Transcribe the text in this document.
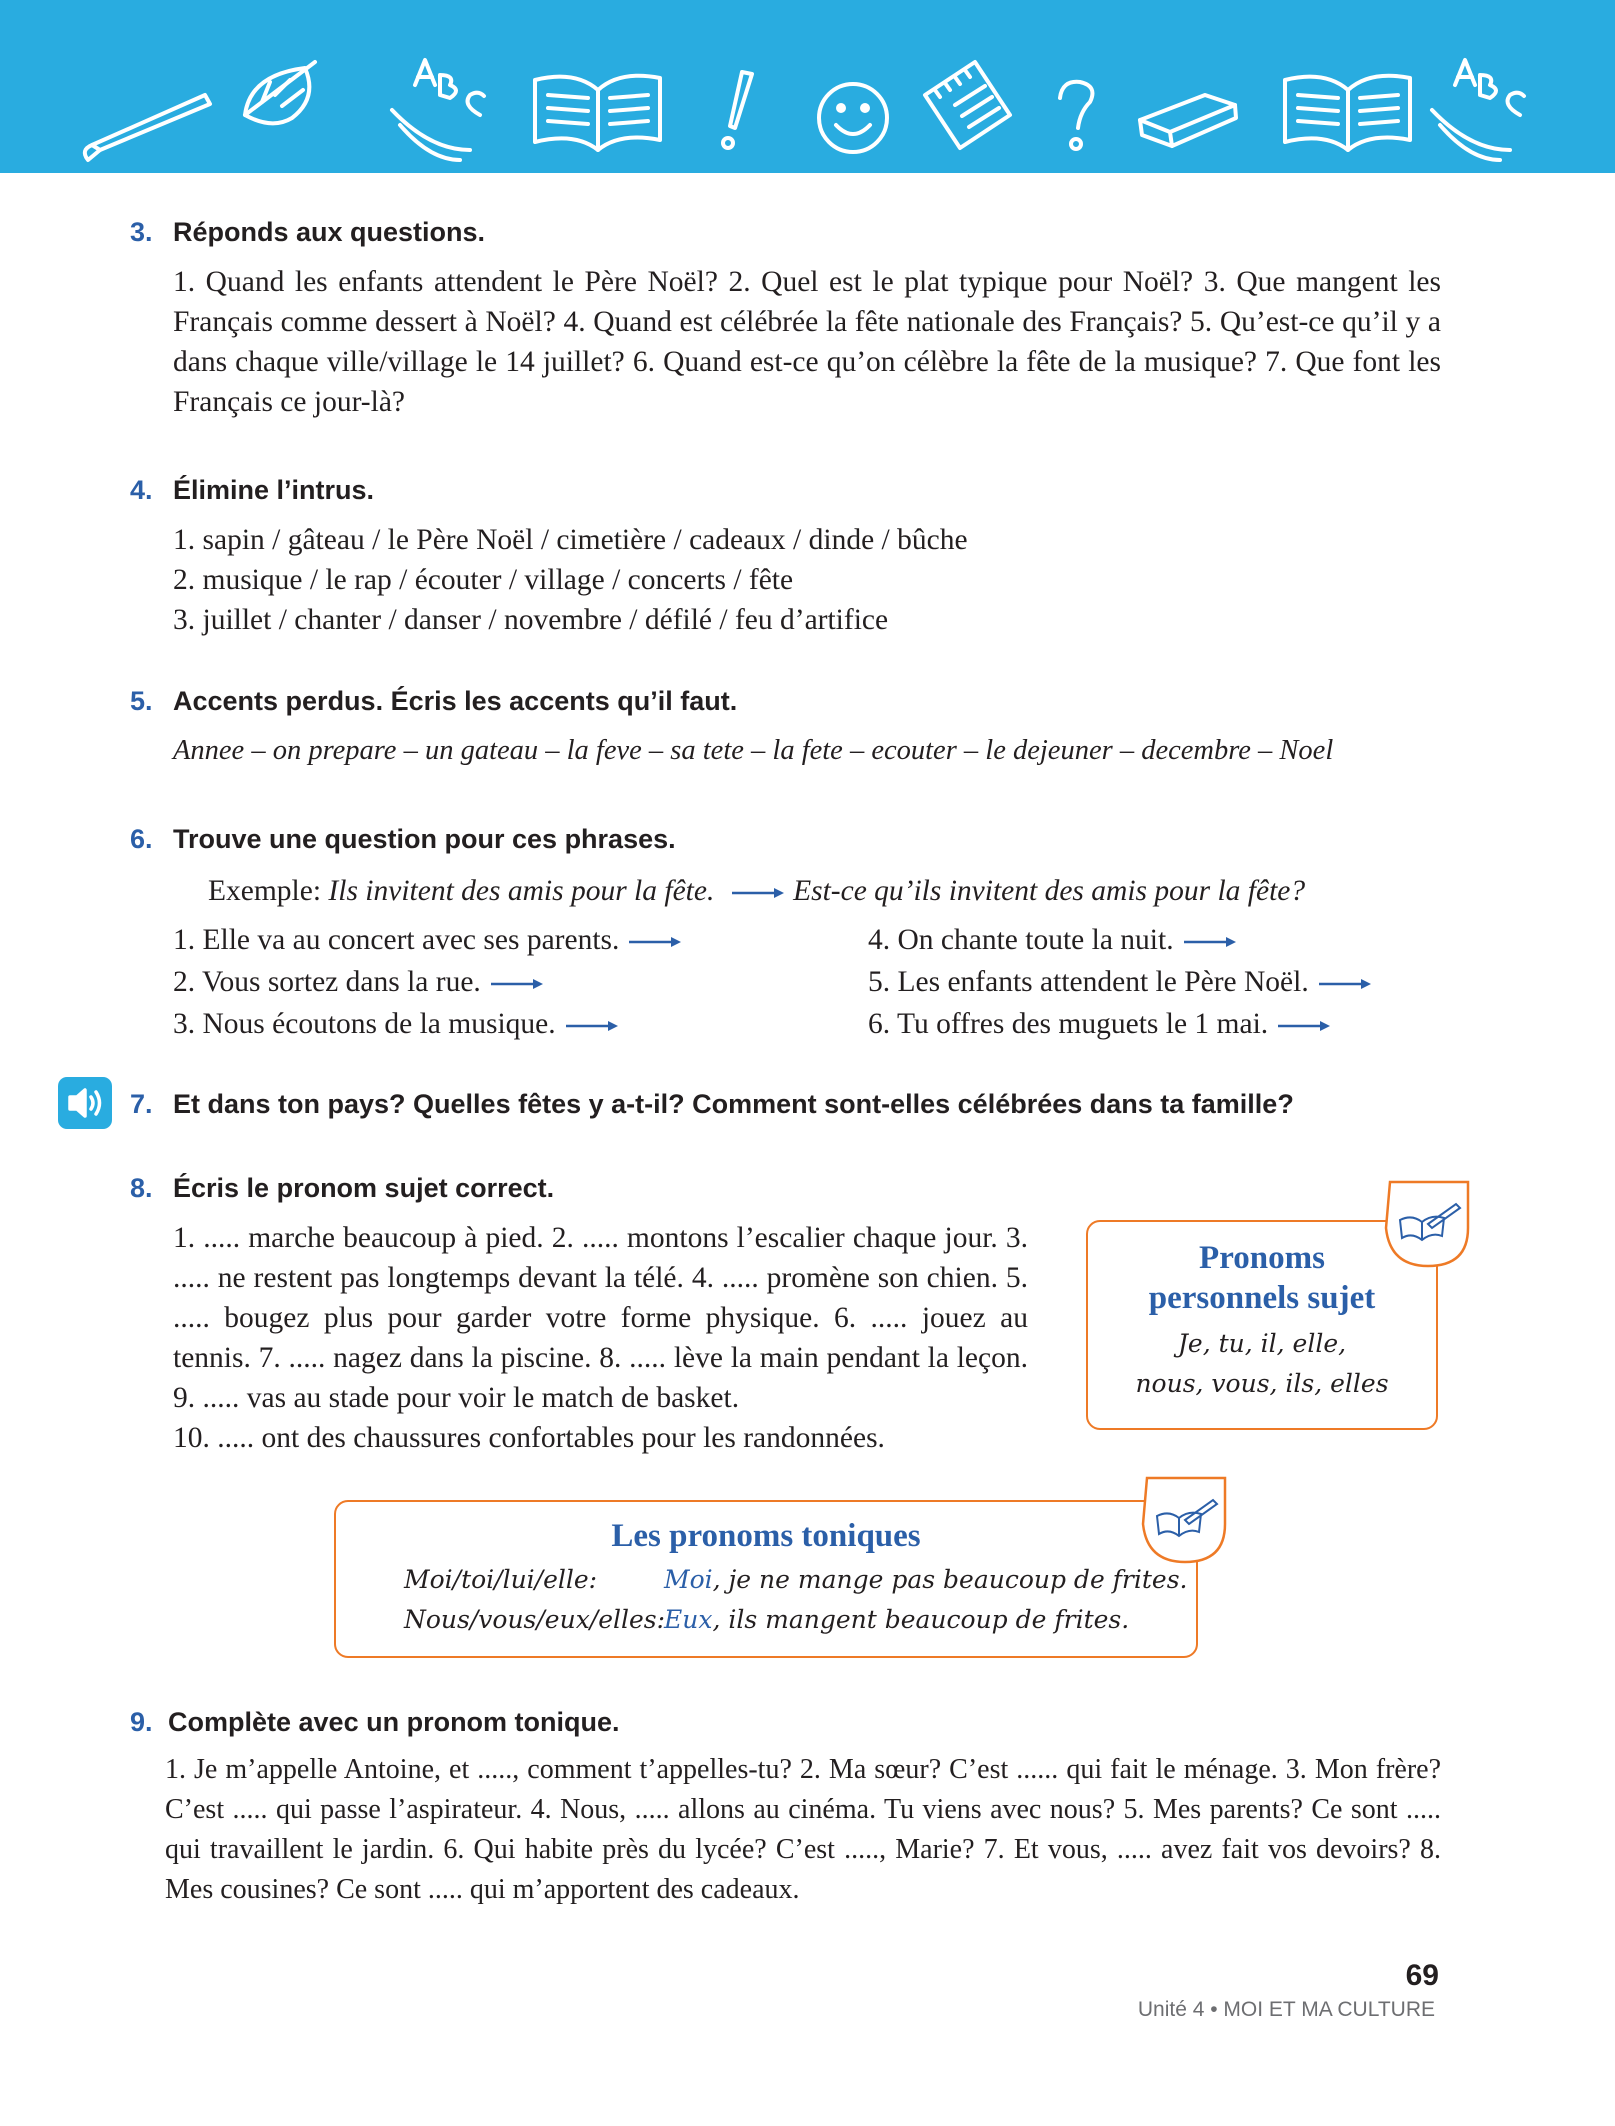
3. Réponds aux questions.
1. Quand les enfants attendent le Père Noël? 2. Quel est le plat typique pour Noël? 3. Que mangent les Français comme dessert à Noël? 4. Quand est célébrée la fête nationale des Français? 5. Qu’est-ce qu’il y a dans chaque ville/village le 14 juillet? 6. Quand est-ce qu’on célèbre la fête de la musique? 7. Que font les Français ce jour-là?
4. Élimine l’intrus.
1. sapin / gâteau / le Père Noël / cimetière / cadeaux / dinde / bûche
2. musique / le rap / écouter / village / concerts / fête
3. juillet / chanter / danser / novembre / défilé / feu d’artifice
5. Accents perdus. Écris les accents qu’il faut.
Annee – on prepare – un gateau – la feve – sa tete – la fete – ecouter – le dejeuner – decembre – Noel
6. Trouve une question pour ces phrases.
Exemple: Ils invitent des amis pour la fête.	Est-ce qu’ils invitent des amis pour la fête?
1. Elle va au concert avec ses parents.
2. Vous sortez dans la rue.
3. Nous écoutons de la musique.
4. On chante toute la nuit.
5. Les enfants attendent le Père Noël.
6. Tu offres des muguets le 1 mai.
7. Et dans ton pays? Quelles fêtes y a-t-il? Comment sont-elles célébrées dans ta famille?
8. Écris le pronom sujet correct.
1. ..... marche beaucoup à pied. 2. ..... montons l’escalier chaque jour. 3. ..... ne restent pas longtemps devant la télé. 4. ..... promène son chien. 5. ..... bougez plus pour garder votre forme physique. 6. ..... jouez au tennis. 7. ..... nagez dans la piscine. 8. ..... lève la main pendant la leçon. 9. ..... vas au stade pour voir le match de basket.
10. ..... ont des chaussures confortables pour les randonnées.
Pronoms
personnels sujet
Je, tu, il, elle,
nous, vous, ils, elles
Les pronoms toniques
Moi/toi/lui/elle:	Moi, je ne mange pas beaucoup de frites.
Nous/vous/eux/elles:Eux, ils mangent beaucoup de frites.
9. Complète avec un pronom tonique.
1. Je m’appelle Antoine, et ....., comment t’appelles-tu? 2. Ma sœur? C’est ...... qui fait le ménage. 3. Mon frère? C’est ..... qui passe l’aspirateur. 4. Nous, ..... allons au cinéma. Tu viens avec nous? 5. Mes parents? Ce sont ..... qui travaillent le jardin. 6. Qui habite près du lycée? C’est ....., Marie? 7. Et vous, ..... avez fait vos devoirs? 8. Mes cousines? Ce sont ..... qui m’apportent des cadeaux.
69
Unité 4 • MOI ET MA CULTURE
